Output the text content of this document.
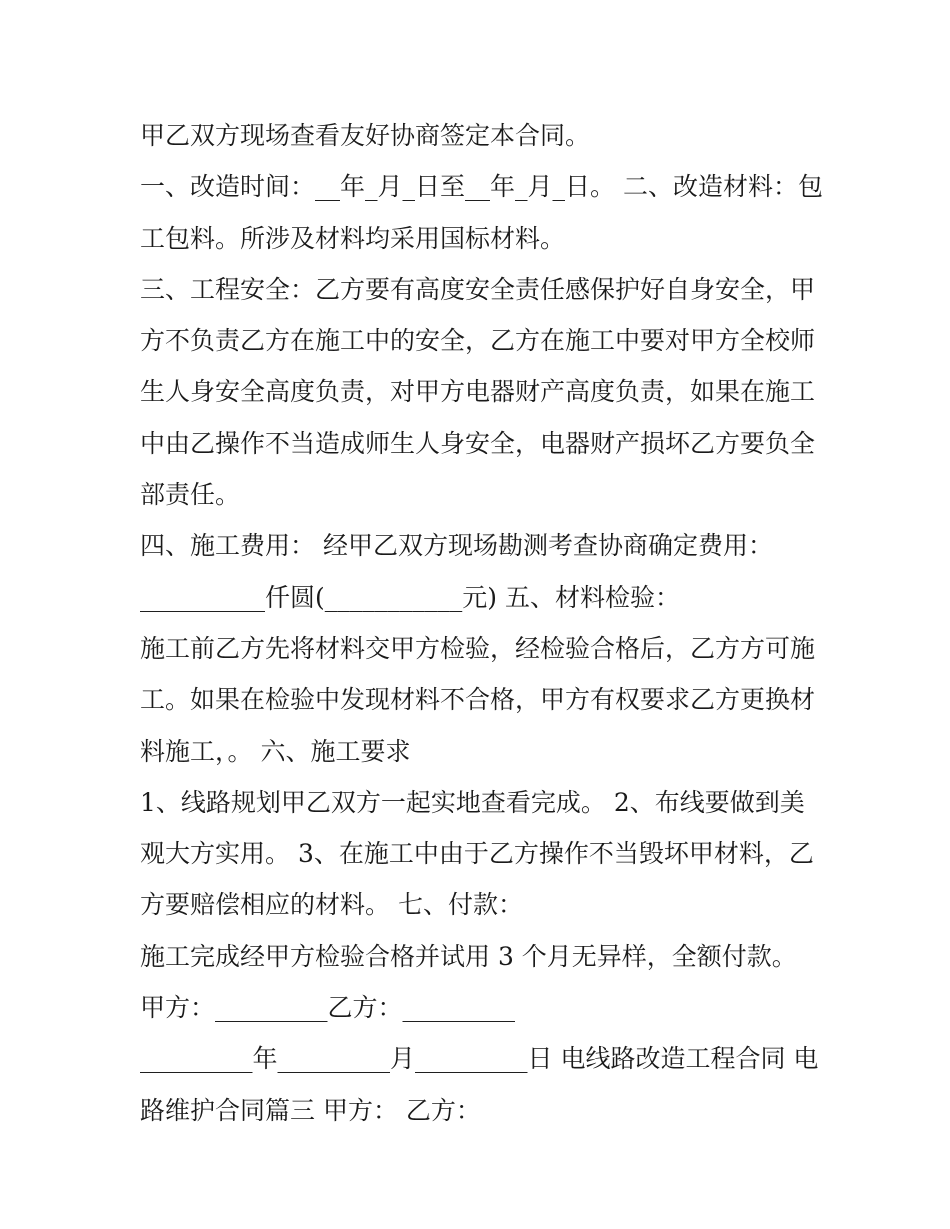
甲乙双方现场查看友好协商签定本合同。
一、改造时间：__年_月_日至__年_月_日。 二、改造材料：包
工包料。所涉及材料均采用国标材料。
三、工程安全：乙方要有高度安全责任感保护好自身安全，甲
方不负责乙方在施工中的安全，乙方在施工中要对甲方全校师
生人身安全高度负责，对甲方电器财产高度负责，如果在施工
中由乙操作不当造成师生人身安全，电器财产损坏乙方要负全
部责任。
四、施工费用： 经甲乙双方现场勘测考查协商确定费用：
__________仟圆(___________元) 五、材料检验：
施工前乙方先将材料交甲方检验，经检验合格后，乙方方可施
工。如果在检验中发现材料不合格，甲方有权要求乙方更换材
料施工，。 六、施工要求
1、线路规划甲乙双方一起实地查看完成。 2、布线要做到美
观大方实用。 3、在施工中由于乙方操作不当毁坏甲材料，乙
方要赔偿相应的材料。 七、付款：
施工完成经甲方检验合格并试用 3 个月无异样，全额付款。
甲方：_________乙方：_________
_________年_________月_________日 电线路改造工程合同 电
路维护合同篇三 甲方： 乙方：
